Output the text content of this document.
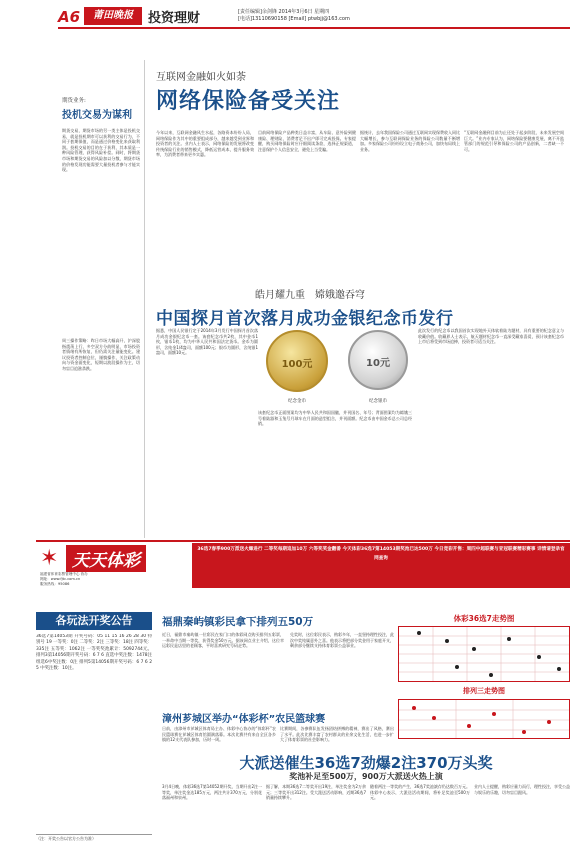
A6	莆田晚报	投资理财	[责任编辑]余剑锋 2014年3月6日 星期四
[电话]13110690158 [Email] ptwbjj@163.com
期货业务:
投机交易为谋利
期货交易，期货市场的另一类主体是投机交易，就是投机期市可以获利的交易行为，不同于套期保值，而是通过价格变化来获取利润。投机交易的目的在于获利，其本质是一种风险管理，获得风险补偿。同时，将期货市场和期货交易的风险加以分散，期货市场的价格发现功能需要大量投机者参与才能实现。
周三操作策略：昨日市场大幅高开，沪深股指震荡上行，多空双方分歧明显，市场投资者情绪有所恢复，但仍需关注量能变化。建议投资者控制仓位，谨慎操作，关注政策动向与资金面变化，短期以波段操作为主，切勿盲目追涨杀跌。
互联网金融如火如荼
网络保险备受关注
今年以来，互联网金融风生水起，各路资本纷纷入局，网络保险作为其中的重要组成部分，越来越受到业界和投资者的关注。业内人士表示，网络保险的发展将改变传统保险行业的销售模式，降低运营成本，提升服务效率，为消费者带来更多实惠。
目前网络保险产品种类日益丰富，从车险、意外险到健康险、理财险，消费者足不出户即可完成投保。专家提醒，购买网络保险时应仔细阅读条款，选择正规渠道，注意保护个人信息安全，避免上当受骗。
据统计，去年我国保险公司通过互联网实现保费收入同比大幅增长，参与互联网保险业务的保险公司数量不断增加。多家保险公司纷纷设立电子商务公司，加快布局线上业务。
“互联网金融到目前为止还处于起步阶段，未来发展空间巨大。”业内专家认为，网络保险要健康发展，离不开监管部门的规范引导和保险公司的产品创新，二者缺一不可。
皓月耀九重　嫦娥邀吞穹
中国探月首次落月成功金银纪念币发行
据悉，中国人民银行定于2014年3月发行中国探月首次落月成功金银纪念币一套。该套纪念币共2枚，其中金币1枚，银币1枚，均为中华人民共和国法定货币。金币为圆形，含纯金1/4盎司，面额100元；银币为圆形，含纯银1盎司，面额10元。
100元	10元
纪念金币	纪念银币
该套纪念币正面图案均为中华人民共和国国徽，并刊国名、年号；背面图案均为嫦娥三号着陆器和玉兔号月球车在月面的造型组合，并刊面额。纪念币由中国金币总公司总经销。
此次发行的纪念币以我国首次实现地外天体软着陆为题材，具有重要的纪念意义与收藏价值。收藏界人士表示，航天题材纪念币一直深受藏家喜爱，预计该套纪念币上市后将受到市场追捧，投资者可适当关注。
✶ 天天体彩
福建省体育彩票管理中心 协办
网址：www.fjtc.com.cn
服务热线：95086
36选7春季900万派送火爆进行 二等奖每期追加10万 六等奖奖金翻番 今天体彩36选7第14053期奖池已达500万 今日竞彩开售：周四中超联赛与亚冠联赛精彩赛事 详情请登录官网查询
各玩法开奖公告
36选7第14053期 开奖号码：05 11 15 16 26 28 30 特别号 19 一等奖：0注 二等奖：2注 三等奖：18注 四等奖：335注 五等奖：1062注 一等奖奖池累计：5092744元。排列3第14056期开奖号码：6 7 6 直选中奖注数：1478注 组选6中奖注数：0注 排列5第14056期开奖号码：6 7 6 2 5 中奖注数：10注。
（注：开奖公告以官方公告为准）
福鼎秦屿镇彩民拿下排列五50万
近日，福鼎市秦屿镇一位彩民在家门口的体彩网点购买排列五彩票，一举命中当期一等奖，获得奖金50万元。据该网点业主介绍，这位幸运彩民是店里的老顾客，平时喜欢研究号码走势。
兑奖时，这位彩民表示，购彩多年，一直坚持理性投注，此次中奖纯属意外之喜。他表示将把部分奖金用于家庭开支，剩余部分继续支持体育彩票公益事业。
漳州芗城区举办“体彩杯”农民篮球赛
日前，由漳州市芗城区体育局主办、体彩中心协办的“体彩杯”农民篮球赛在芗城区体育馆圆满落幕。本次比赛共有来自全区各乡镇的12支代表队参加，历时一周。
比赛期间，各参赛队伍发扬团结拼搏的精神，赛出了风格，赛出了水平。此次比赛丰富了农村群众的业余文化生活，也进一步扩大了体育彩票的社会影响力。
体彩36选7走势图
排列三走势图
大派送催生36选7劲爆2注370万头奖
奖池补足至500万，900万大派送火热上演
3月4日晚，体彩36选7第14052期开奖，当期开出2注一等奖，单注奖金达185万元，两注共计370万元，分别花落福州和泉州。
据了解，本期36选7二等奖开出19注，单注奖金为2万余元；三等奖开出312注。受大派送活动影响，近期36选7销量持续攀升。
随着两注一等奖的产生，36选7奖池滚存仍达数百万元。体彩中心表示，大派送活动期间，将补足奖池至500万元。
业内人士提醒，购彩应量力而行，理性投注，享受公益与娱乐的乐趣，切勿盲目跟风。
